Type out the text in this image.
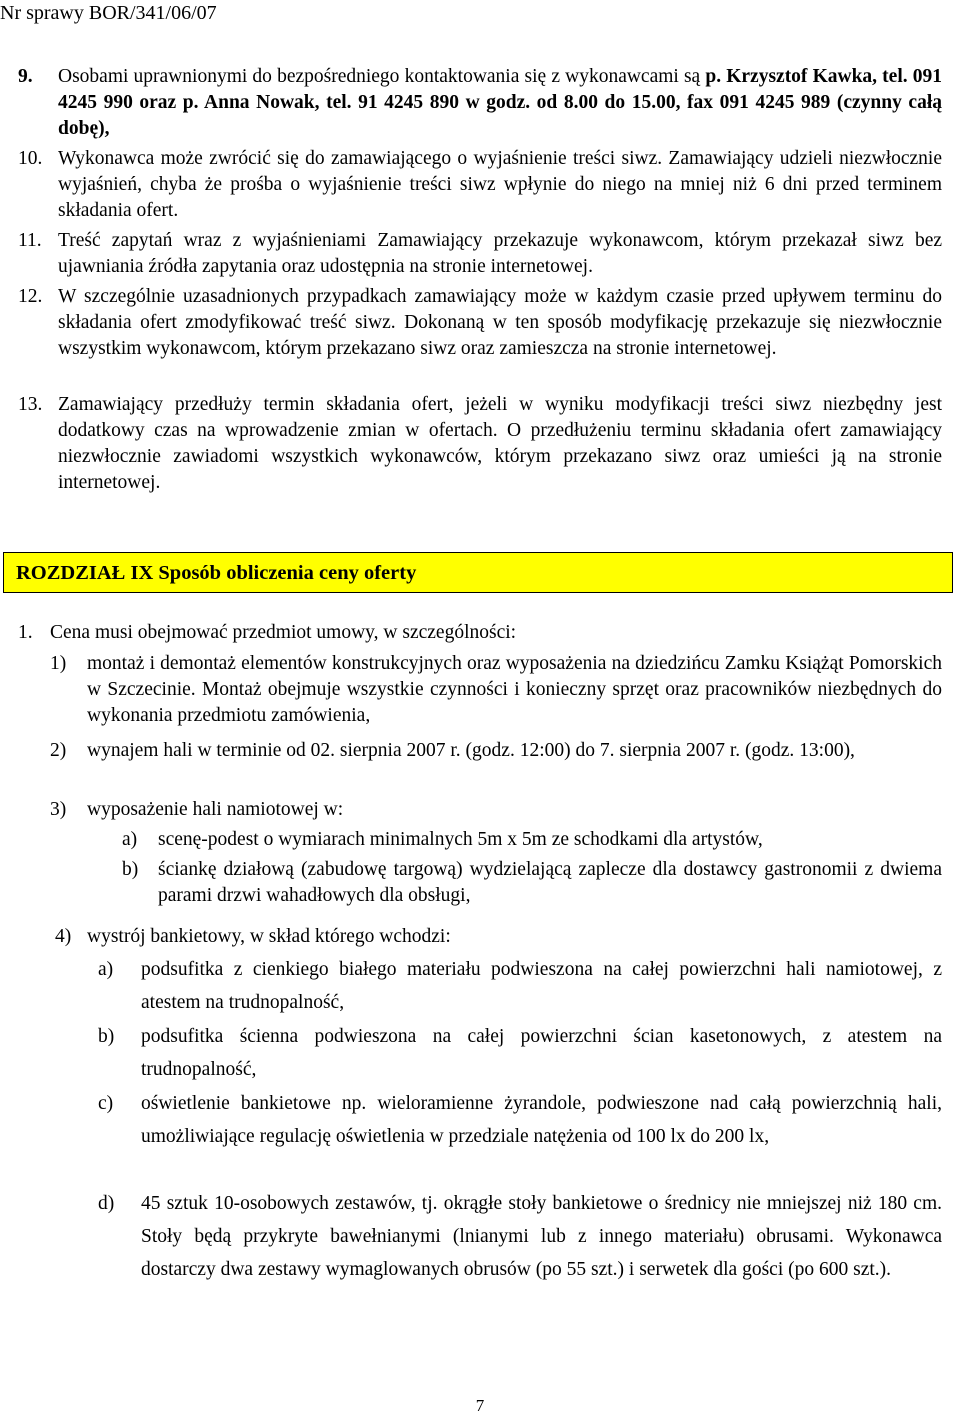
Nr sprawy BOR/341/06/07
9. Osobami uprawnionymi do bezpośredniego kontaktowania się z wykonawcami są p. Krzysztof Kawka, tel. 091 4245 990 oraz p. Anna Nowak, tel. 91 4245 890 w godz. od 8.00 do 15.00, fax 091 4245 989 (czynny całą dobę),
10. Wykonawca może zwrócić się do zamawiającego o wyjaśnienie treści siwz. Zamawiający udzieli niezwłocznie wyjaśnień, chyba że prośba o wyjaśnienie treści siwz wpłynie do niego na mniej niż 6 dni przed terminem składania ofert.
11. Treść zapytań wraz z wyjaśnieniami Zamawiający przekazuje wykonawcom, którym przekazał siwz bez ujawniania źródła zapytania oraz udostępnia na stronie internetowej.
12. W szczególnie uzasadnionych przypadkach zamawiający może w każdym czasie przed upływem terminu do składania ofert zmodyfikować treść siwz. Dokonaną w ten sposób modyfikację przekazuje się niezwłocznie wszystkim wykonawcom, którym przekazano siwz oraz zamieszcza na stronie internetowej.
13. Zamawiający przedłuży termin składania ofert, jeżeli w wyniku modyfikacji treści siwz niezbędny jest dodatkowy czas na wprowadzenie zmian w ofertach. O przedłużeniu terminu składania ofert zamawiający niezwłocznie zawiadomi wszystkich wykonawców, którym przekazano siwz oraz umieści ją na stronie internetowej.
ROZDZIAŁ IX Sposób obliczenia ceny oferty
1. Cena musi obejmować przedmiot umowy, w szczególności:
1) montaż i demontaż elementów konstrukcyjnych oraz wyposażenia na dziedzińcu Zamku Książąt Pomorskich w Szczecinie. Montaż obejmuje wszystkie czynności i konieczny sprzęt oraz pracowników niezbędnych do wykonania przedmiotu zamówienia,
2) wynajem hali w terminie od 02. sierpnia 2007 r. (godz. 12:00) do 7. sierpnia 2007 r. (godz. 13:00),
3) wyposażenie hali namiotowej w:
a) scenę-podest o wymiarach minimalnych 5m x 5m ze schodkami dla artystów,
b) ściankę działową (zabudowę targową) wydzielającą zaplecze dla dostawcy gastronomii z dwiema parami drzwi wahadłowych dla obsługi,
4) wystrój bankietowy, w skład którego wchodzi:
a) podsufitka z cienkiego białego materiału podwieszona na całej powierzchni hali namiotowej, z atestem na trudnopalność,
b) podsufitka ścienna podwieszona na całej powierzchni ścian kasetonowych, z atestem na trudnopalność,
c) oświetlenie bankietowe np. wieloramienne żyrandole, podwieszone nad całą powierzchnią hali, umożliwiające regulację oświetlenia w przedziale natężenia od 100 lx do 200 lx,
d) 45 sztuk 10-osobowych zestawów, tj. okrągłe stoły bankietowe o średnicy nie mniejszej niż 180 cm. Stoły będą przykryte bawełnianymi (lnianymi lub z innego materiału) obrusami. Wykonawca dostarczy dwa zestawy wymaglowanych obrusów (po 55 szt.) i serwetek dla gości (po 600 szt.).
7
